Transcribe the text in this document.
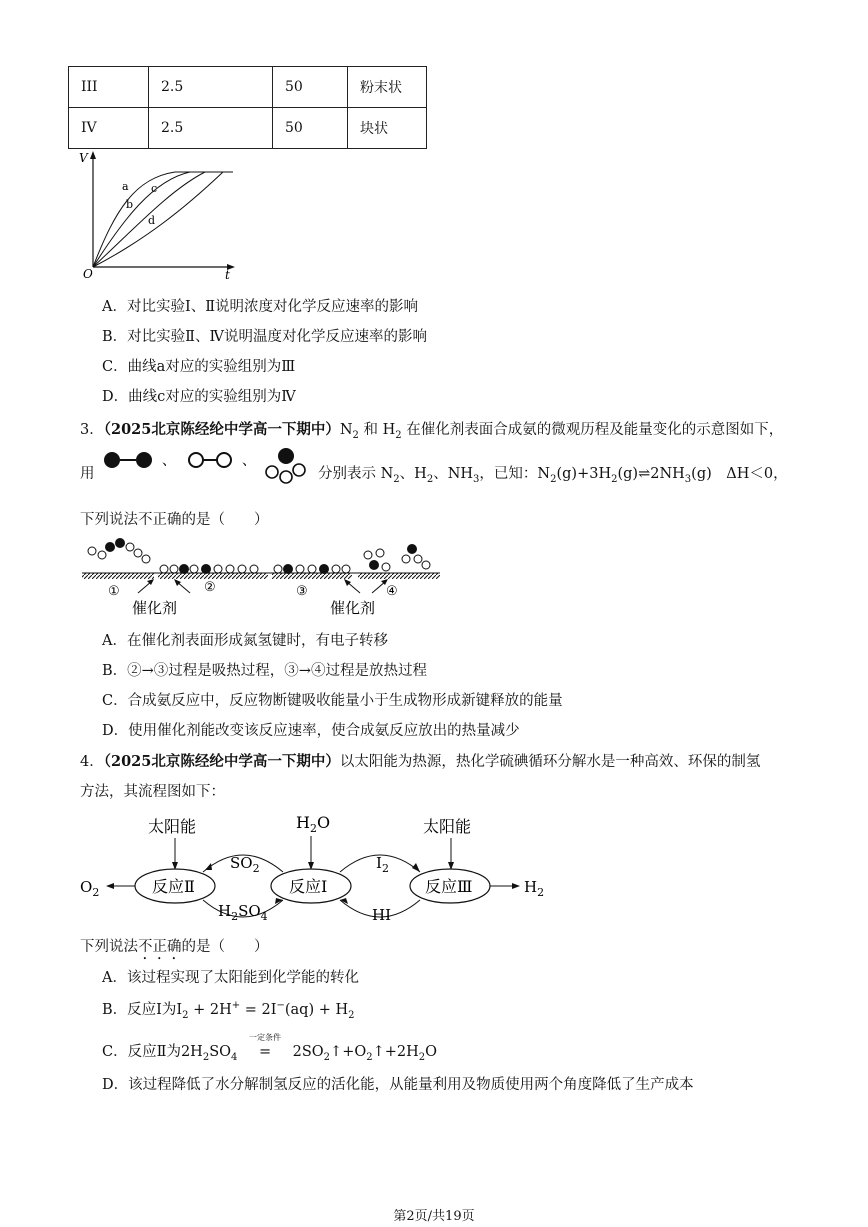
III	2.5	50	粉末状
IV	2.5	50	块状
V
t
O
a
b
c
d
A．对比实验Ⅰ、Ⅱ说明浓度对化学反应速率的影响
B．对比实验Ⅱ、Ⅳ说明温度对化学反应速率的影响
C．曲线a对应的实验组别为Ⅲ
D．曲线c对应的实验组别为Ⅳ
3．（2025北京陈经纶中学高一下期中）$N_2$ 和 $H_2$ 在催化剂表面合成氨的微观历程及能量变化的示意图如下，
用
、	、
分别表示 $N_2$、$H_2$、$NH_3$，已知：$N_2(g)+3H_2(g)\rightleftharpoons 2NH_3(g)$　ΔH＜0，
下列说法不正确的是（　　）
①	②	③	④
催化剂	催化剂
A．在催化剂表面形成氮氢键时，有电子转移
B．②→③过程是吸热过程，③→④过程是放热过程
C．合成氨反应中，反应物断键吸收能量小于生成物形成新键释放的能量
D．使用催化剂能改变该反应速率，使合成氨反应放出的热量减少
4．（2025北京陈经纶中学高一下期中）以太阳能为热源，热化学硫碘循环分解水是一种高效、环保的制氢
方法，其流程图如下：
太阳能	$H_2O$	太阳能
反应Ⅱ	反应Ⅰ	反应Ⅲ
$SO_2$
$H_2SO_4$
$I_2$
HI
$O_2$	$H_2$
下列说法不正确的是（　　）
A．该过程实现了太阳能到化学能的转化
B．反应Ⅰ为$I_2 + 2H^+ = 2I^-(aq) + H_2$
C．反应Ⅱ为$2H_2SO_4$
一定条件
= $2SO_2↑+O_2↑+2H_2O$
D．该过程降低了水分解制氢反应的活化能，从能量利用及物质使用两个角度降低了生产成本
第2页/共19页
